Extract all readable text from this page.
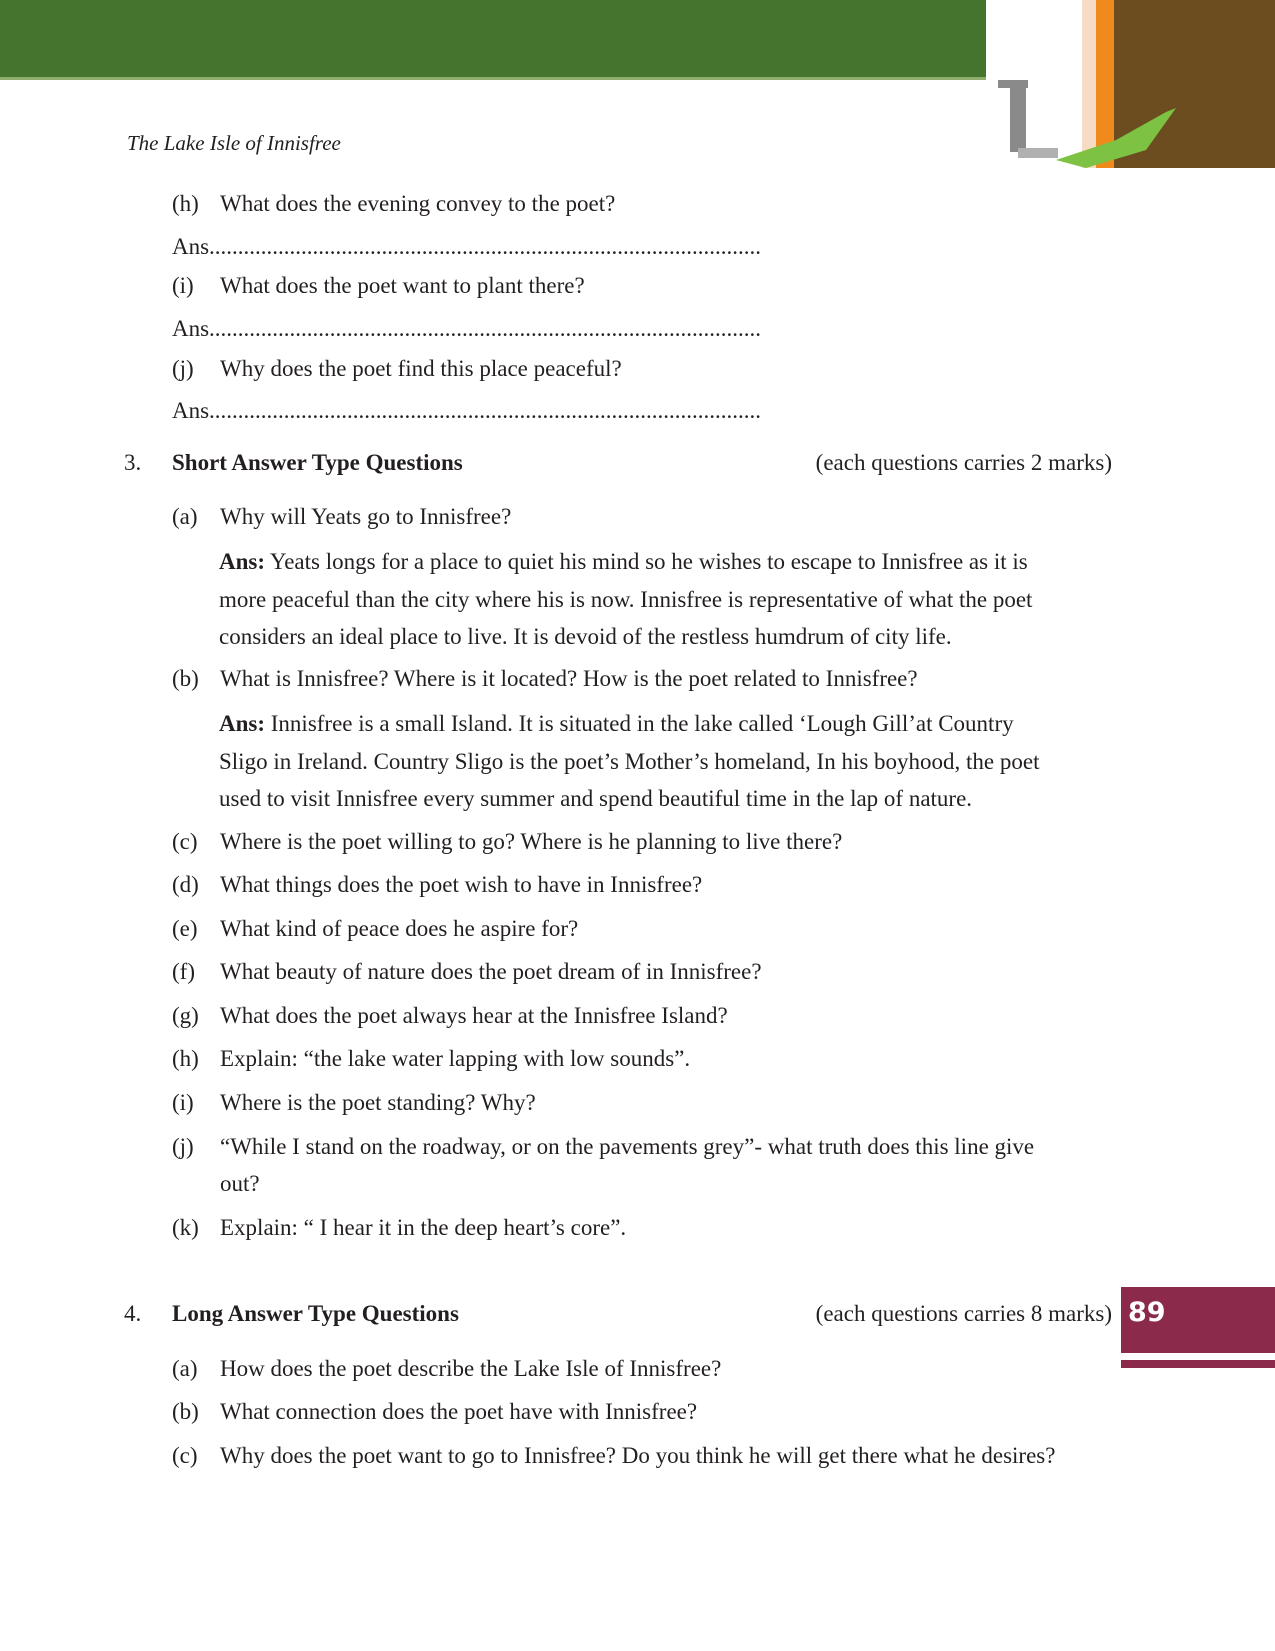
The Lake Isle of Innisfree
(h) What does the evening convey to the poet?
Ans................................................................................................
(i) What does the poet want to plant there?
Ans................................................................................................
(j) Why does the poet find this place peaceful?
Ans................................................................................................
3. Short Answer Type Questions	(each questions carries 2 marks)
(a) Why will Yeats go to Innisfree?
Ans: Yeats longs for a place to quiet his mind so he wishes to escape to Innisfree as it is
more peaceful than the city where his is now. Innisfree is representative of what the poet
considers an ideal place to live. It is devoid of the restless humdrum of city life.
(b) What is Innisfree? Where is it located? How is the poet related to Innisfree?
Ans: Innisfree is a small Island. It is situated in the lake called ‘Lough Gill’at Country
Sligo in Ireland. Country Sligo is the poet’s Mother’s homeland, In his boyhood, the poet
used to visit Innisfree every summer and spend beautiful time in the lap of nature.
(c) Where is the poet willing to go? Where is he planning to live there?
(d) What things does the poet wish to have in Innisfree?
(e) What kind of peace does he aspire for?
(f) What beauty of nature does the poet dream of in Innisfree?
(g) What does the poet always hear at the Innisfree Island?
(h) Explain: “the lake water lapping with low sounds”.
(i) Where is the poet standing? Why?
(j) “While I stand on the roadway, or on the pavements grey”- what truth does this line give
out?
(k) Explain: “ I hear it in the deep heart’s core”.
4. Long Answer Type Questions	(each questions carries 8 marks)
(a) How does the poet describe the Lake Isle of Innisfree?
(b) What connection does the poet have with Innisfree?
(c) Why does the poet want to go to Innisfree? Do you think he will get there what he desires?
89
